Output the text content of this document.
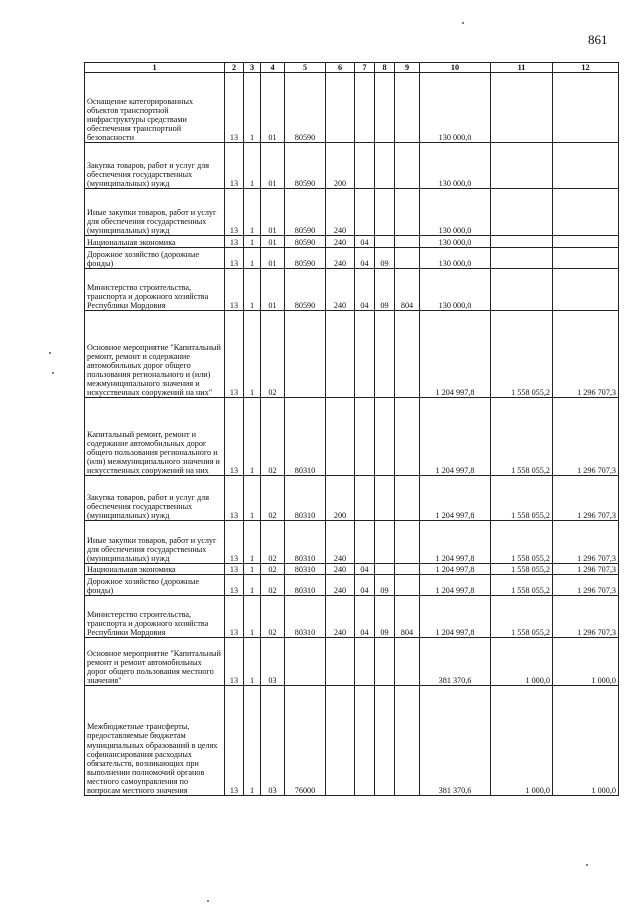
861
1	2	3	4	5	6	7	8	9	10	11	12
Оснащение категорированных объектов транспортной инфраструктуры средствами обеспечения транспортной безопасности	13	1	01	80590					130 000,0		
Закупка товаров, работ и услуг для обеспечения государственных (муниципальных) нужд	13	1	01	80590	200				130 000,0		
Иные закупки товаров, работ и услуг для обеспечения государственных (муниципальных) нужд	13	1	01	80590	240				130 000,0		
Национальная экономика	13	1	01	80590	240	04			130 000,0		
Дорожное хозяйство (дорожные фонды)	13	1	01	80590	240	04	09		130 000,0		
Министерство строительства, транспорта и дорожного хозяйства Республики Мордовия	13	1	01	80590	240	04	09	804	130 000,0		
Основное мероприятие "Капитальный ремонт, ремонт и содержание автомобильных дорог общего пользования регионального и (или) межмуниципального значения и искусственных сооружений на них"	13	1	02						1 204 997,8	1 558 055,2	1 296 707,3
Капитальный ремонт, ремонт и содержание автомобильных дорог общего пользования регионального и (или) межмуниципального значения и искусственных сооружений на них	13	1	02	80310					1 204 997,8	1 558 055,2	1 296 707,3
Закупка товаров, работ и услуг для обеспечения государственных (муниципальных) нужд	13	1	02	80310	200				1 204 997,8	1 558 055,2	1 296 707,3
Иные закупки товаров, работ и услуг для обеспечения государственных (муниципальных) нужд	13	1	02	80310	240				1 204 997,8	1 558 055,2	1 296 707,3
Национальная экономика	13	1	02	80310	240	04			1 204 997,8	1 558 055,2	1 296 707,3
Дорожное хозяйство (дорожные фонды)	13	1	02	80310	240	04	09		1 204 997,8	1 558 055,2	1 296 707,3
Министерство строительства, транспорта и дорожного хозяйства Республики Мордовия	13	1	02	80310	240	04	09	804	1 204 997,8	1 558 055,2	1 296 707,3
Основное мероприятие "Капитальный ремонт и ремонт автомобильных дорог общего пользования местного значения"	13	1	03						381 370,6	1 000,0	1 000,0
Межбюджетные трансферты, предоставляемые бюджетам муниципальных образований в целях софинансирования расходных обязательств, возникающих при выполнении полномочий органов местного самоуправления по вопросам местного значения	13	1	03	76000					381 370,6	1 000,0	1 000,0
